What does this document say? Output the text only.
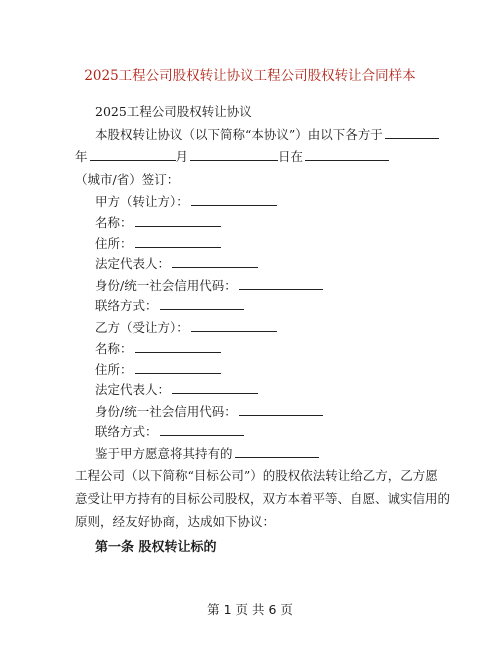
2025工程公司股权转让协议工程公司股权转让合同样本
2025工程公司股权转让协议
本股权转让协议（以下简称“本协议”）由以下各方于
年	月	日在
（城市/省）签订：
甲方（转让方）：
名称：
住所：
法定代表人：
身份/统一社会信用代码：
联络方式：
乙方（受让方）：
名称：
住所：
法定代表人：
身份/统一社会信用代码：
联络方式：
鉴于甲方愿意将其持有的
工程公司（以下简称“目标公司”）的股权依法转让给乙方，乙方愿
意受让甲方持有的目标公司股权，双方本着平等、自愿、诚实信用的
原则，经友好协商，达成如下协议：
第一条 股权转让标的
第 1 页 共 6 页
